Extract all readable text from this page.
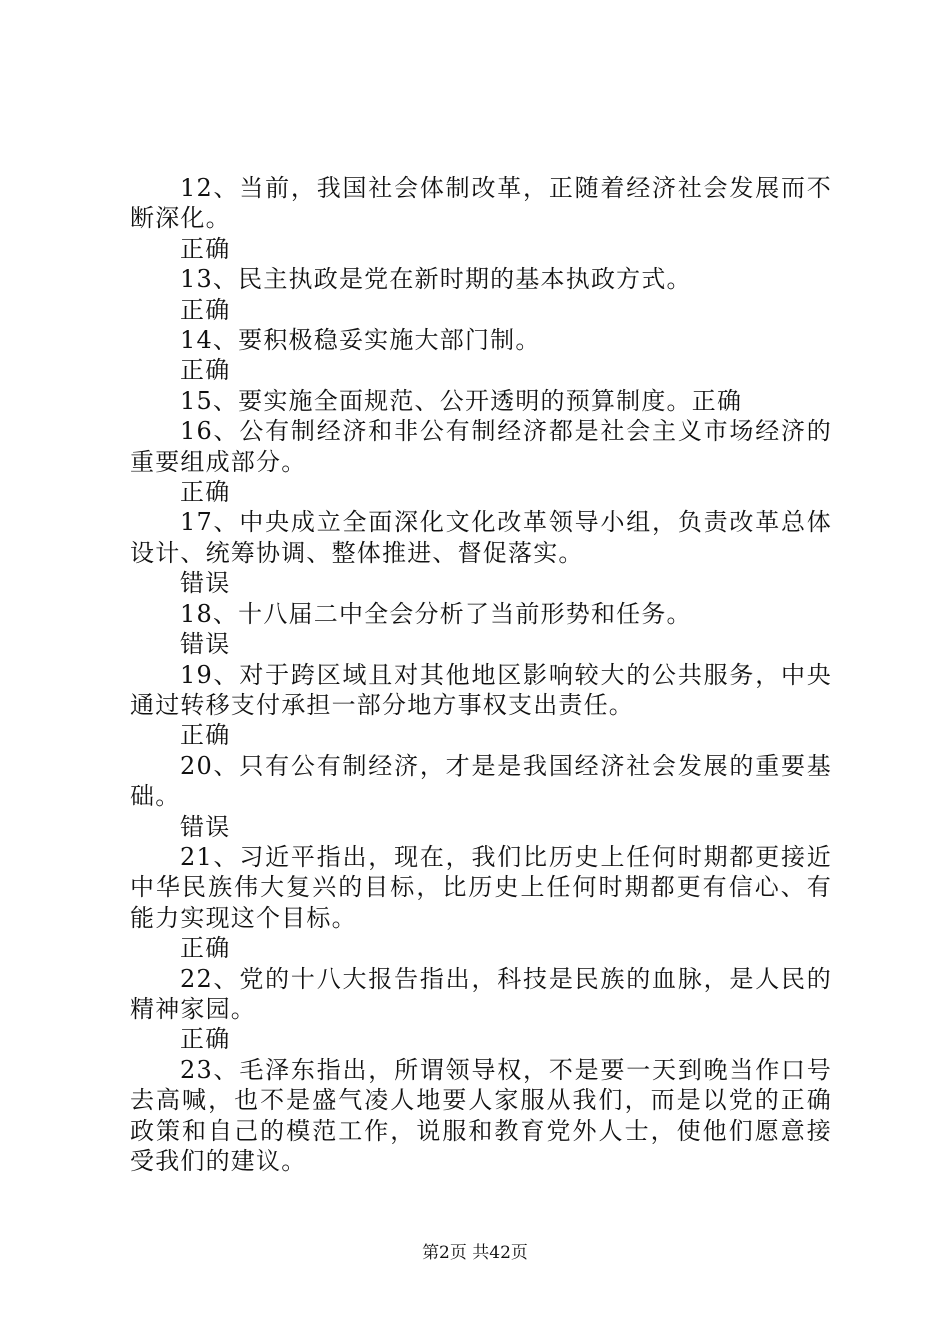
12、当前，我国社会体制改革，正随着经济社会发展而不断深化。

正确

13、民主执政是党在新时期的基本执政方式。

正确

14、要积极稳妥实施大部门制。

正确

15、要实施全面规范、公开透明的预算制度。正确

16、公有制经济和非公有制经济都是社会主义市场经济的重要组成部分。

正确

17、中央成立全面深化文化改革领导小组，负责改革总体设计、统筹协调、整体推进、督促落实。

错误

18、十八届二中全会分析了当前形势和任务。

错误

19、对于跨区域且对其他地区影响较大的公共服务，中央通过转移支付承担一部分地方事权支出责任。

正确

20、只有公有制经济，才是是我国经济社会发展的重要基础。

错误

21、习近平指出，现在，我们比历史上任何时期都更接近中华民族伟大复兴的目标，比历史上任何时期都更有信心、有能力实现这个目标。

正确

22、党的十八大报告指出，科技是民族的血脉，是人民的精神家园。

正确

23、毛泽东指出，所谓领导权，不是要一天到晚当作口号去高喊，也不是盛气凌人地要人家服从我们，而是以党的正确政策和自己的模范工作，说服和教育党外人士，使他们愿意接受我们的建议。

第2页 共42页
